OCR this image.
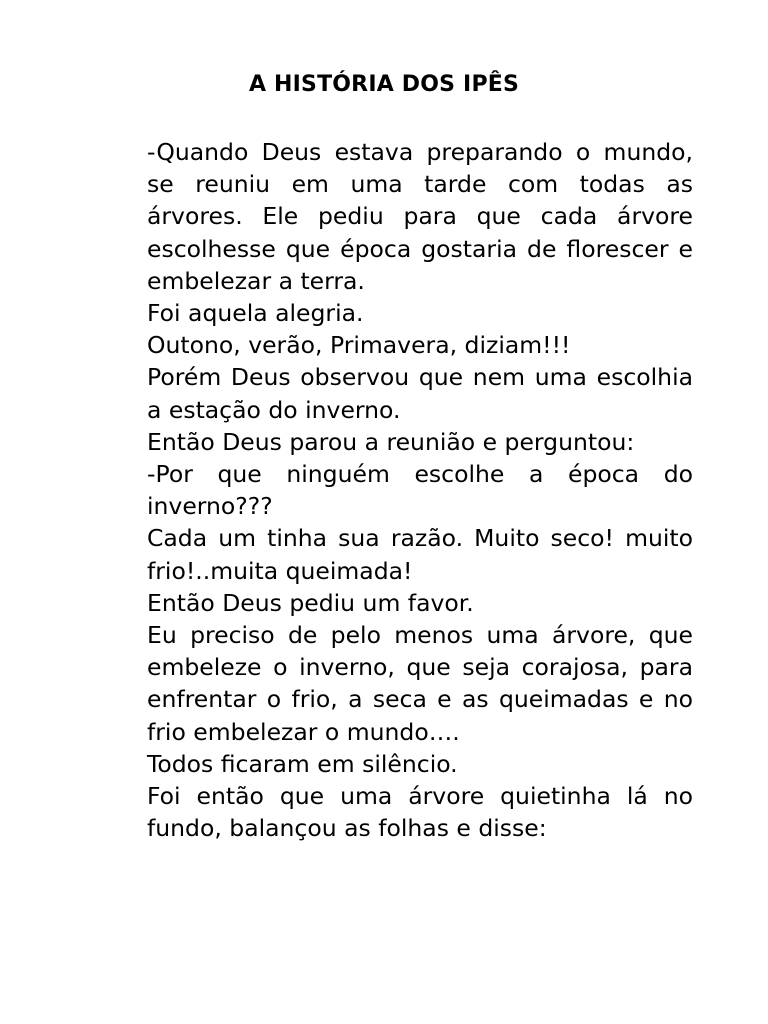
A HISTÓRIA DOS IPÊS

-Quando Deus estava preparando o mundo, se reuniu em uma tarde com todas as árvores. Ele pediu para que cada árvore escolhesse que época gostaria de florescer e embelezar a terra.

Foi aquela alegria.

Outono, verão, Primavera, diziam!!!

Porém Deus observou que nem uma escolhia a estação do inverno.

Então Deus parou a reunião e perguntou:

-Por que ninguém escolhe a época do inverno???

Cada um tinha sua razão. Muito seco! muito frio!..muita queimada!

Então Deus pediu um favor.

Eu preciso de pelo menos uma árvore, que embeleze o inverno, que seja corajosa, para enfrentar o frio, a seca e as queimadas e no frio embelezar o mundo….

Todos ficaram em silêncio.

Foi então que uma árvore quietinha lá no fundo, balançou as folhas e disse:
